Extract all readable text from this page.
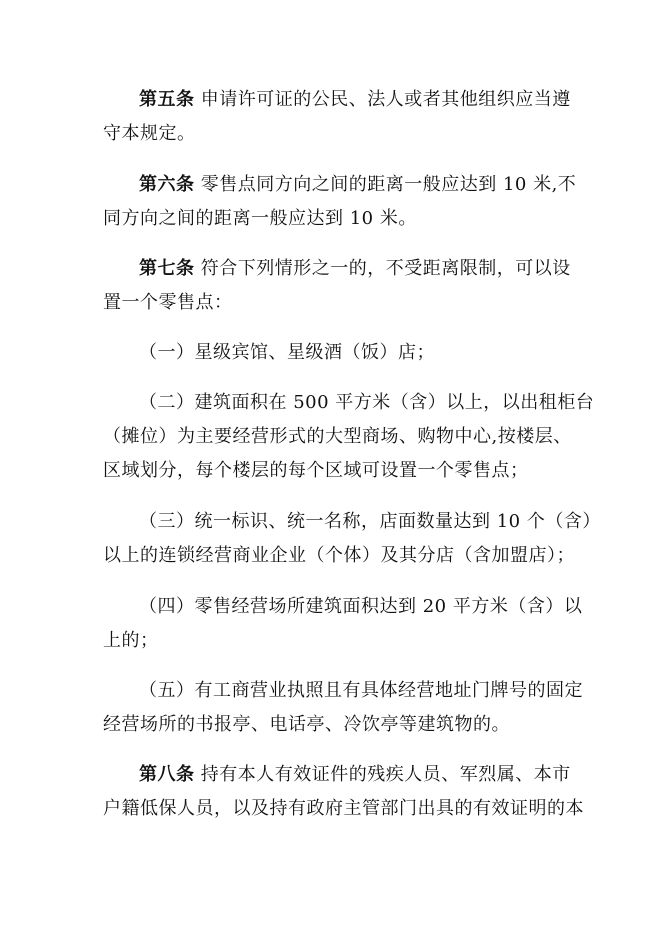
第五条 申请许可证的公民、法人或者其他组织应当遵
守本规定。

第六条 零售点同方向之间的距离一般应达到 10 米,不
同方向之间的距离一般应达到 10 米。

第七条 符合下列情形之一的，不受距离限制，可以设
置一个零售点：

（一）星级宾馆、星级酒（饭）店；

（二）建筑面积在 500 平方米（含）以上，以出租柜台
（摊位）为主要经营形式的大型商场、购物中心,按楼层、
区域划分，每个楼层的每个区域可设置一个零售点；

（三）统一标识、统一名称，店面数量达到 10 个（含）
以上的连锁经营商业企业（个体）及其分店（含加盟店）；

（四）零售经营场所建筑面积达到 20 平方米（含）以
上的；

（五）有工商营业执照且有具体经营地址门牌号的固定
经营场所的书报亭、电话亭、冷饮亭等建筑物的。

第八条 持有本人有效证件的残疾人员、军烈属、本市
户籍低保人员，以及持有政府主管部门出具的有效证明的本
